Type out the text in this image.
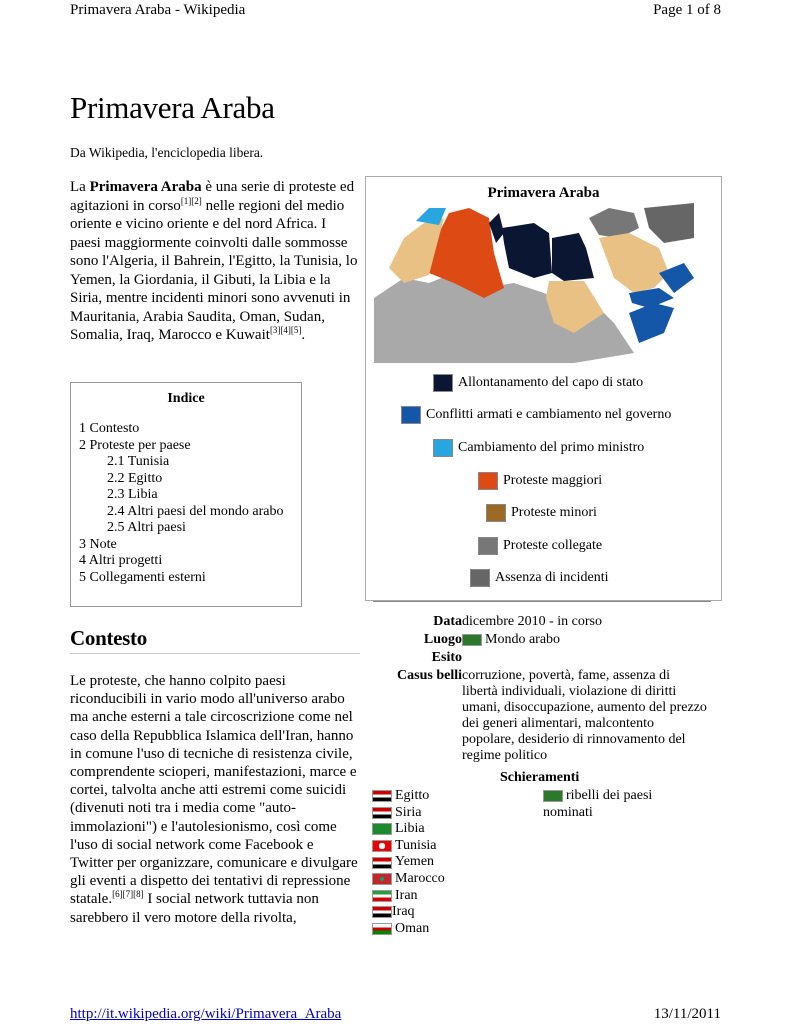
Primavera Araba - Wikipedia	Page 1 of 8
Primavera Araba
Da Wikipedia, l'enciclopedia libera.

La Primavera Araba è una serie di proteste ed agitazioni in corso[1][2] nelle regioni del medio oriente e vicino oriente e del nord Africa. I paesi maggiormente coinvolti dalle sommosse sono l'Algeria, il Bahrein, l'Egitto, la Tunisia, lo Yemen, la Giordania, il Gibuti, la Libia e la Siria, mentre incidenti minori sono avvenuti in Mauritania, Arabia Saudita, Oman, Sudan, Somalia, Iraq, Marocco e Kuwait[3][4][5].

Indice
1 Contesto
2 Proteste per paese
2.1 Tunisia
2.2 Egitto
2.3 Libia
2.4 Altri paesi del mondo arabo
2.5 Altri paesi
3 Note
4 Altri progetti
5 Collegamenti esterni
Contesto

Le proteste, che hanno colpito paesi riconducibili in vario modo all'universo arabo ma anche esterni a tale circoscrizione come nel caso della Repubblica Islamica dell'Iran, hanno in comune l'uso di tecniche di resistenza civile, comprendente scioperi, manifestazioni, marce e cortei, talvolta anche atti estremi come suicidi (divenuti noti tra i media come "auto-immolazioni") e l'autolesionismo, così come l'uso di social network come Facebook e Twitter per organizzare, comunicare e divulgare gli eventi a dispetto dei tentativi di repressione statale.[6][7][8] I social network tuttavia non sarebbero il vero motore della rivolta,

Primavera Araba
Allontanamento del capo di stato
Conflitti armati e cambiamento nel governo
Cambiamento del primo ministro
Proteste maggiori
Proteste minori
Proteste collegate
Assenza di incidenti
Data dicembre 2010 - in corso
Luogo	Mondo arabo
Esito
Casus belli corruzione, povertà, fame, assenza di libertà individuali, violazione di diritti umani, disoccupazione, aumento del prezzo dei generi alimentari, malcontento popolare, desiderio di rinnovamento del regime politico
Schieramenti
Egitto
Siria
Libia
Tunisia
Yemen
Marocco
Iran
Iraq
Oman
ribelli dei paesi nominati
http://it.wikipedia.org/wiki/Primavera_Araba	13/11/2011
